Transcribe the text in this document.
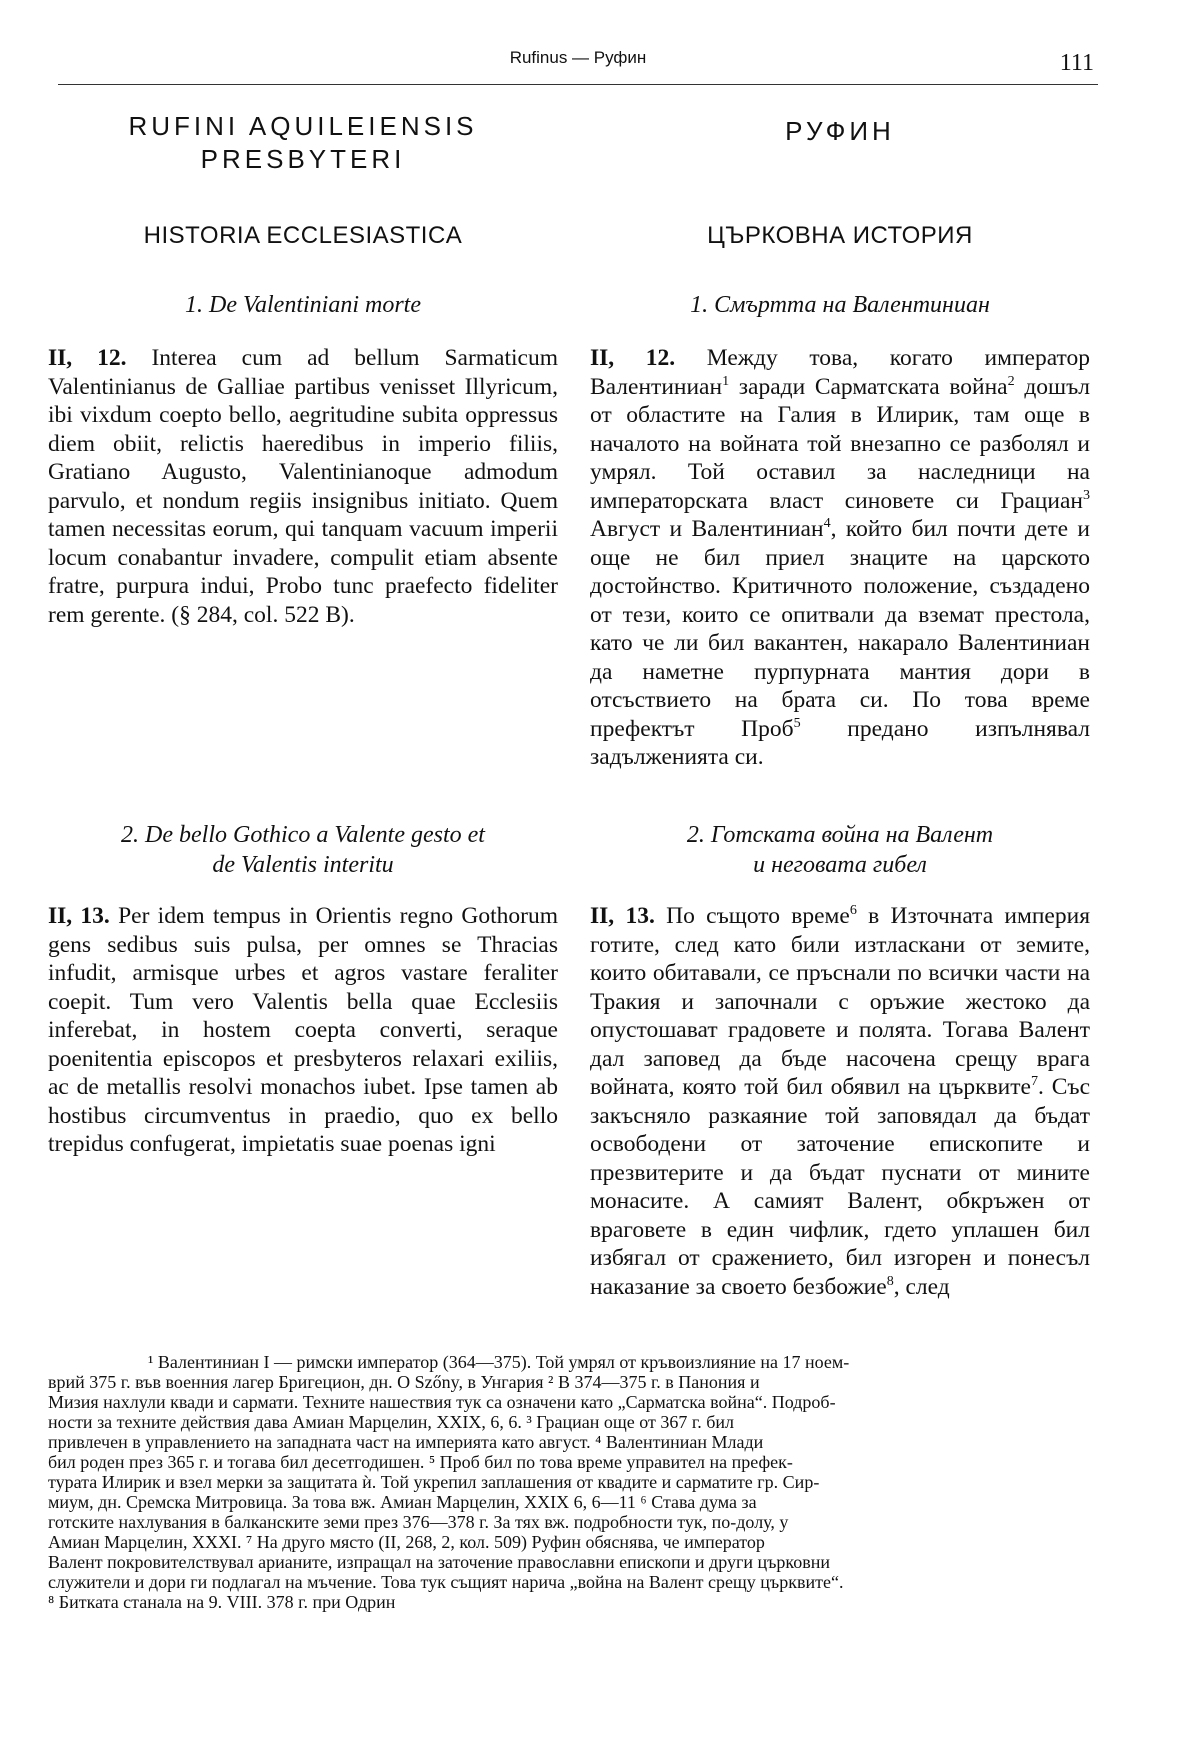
Rufinus — Руфин	111
RUFINI AQUILEIENSIS
PRESBYTERI
HISTORIA ECCLESIASTICA
1. De Valentiniani morte

II, 12. Interea cum ad bellum Sarmaticum Valentinianus de Galliae partibus venisset Illyricum, ibi vixdum coepto bello, aegritudine subita oppressus diem obiit, relictis haeredibus in imperio filiis, Gratiano Augusto, Valentinianoque admodum parvulo, et nondum regiis insignibus initiato. Quem tamen necessitas eorum, qui tanquam vacuum imperii locum conabantur invadere, compulit etiam absente fratre, purpura indui, Probo tunc praefecto fideliter rem gerente. (§ 284, col. 522 B).

2. De bello Gothico a Valente gesto et
de Valentis interitu

II, 13. Per idem tempus in Orientis regno Gothorum gens sedibus suis pulsa, per omnes se Thracias infudit, armisque urbes et agros vastare feraliter coepit. Tum vero Valentis bella quae Ecclesiis inferebat, in hostem coepta converti, seraque poenitentia episcopos et presbyteros relaxari exiliis, ac de metallis resolvi monachos iubet. Ipse tamen ab hostibus circumventus in praedio, quo ex bello trepidus confugerat, impietatis suae poenas igni

РУФИН
ЦЪРКОВНА ИСТОРИЯ
1. Смъртта на Валентиниан

II, 12. Между това, когато император Валентиниан$^1$ заради Сарматската война$^2$ дошъл от областите на Галия в Илирик, там още в началото на войната той внезапно се разболял и умрял. Той оставил за наследници на императорската власт синовете си Грациан$^3$ Август и Валентиниан$^4$, който бил почти дете и още не бил приел знаците на царското достойнство. Критичното положение, създадено от тези, които се опитвали да вземат престола, като че ли бил вакантен, накарало Валентиниан да наметне пурпурната мантия дори в отсъствието на брата си. По това време префектът Проб$^5$ предано изпълнявал задълженията си.

2. Готската война на Валент
и неговата гибел

II, 13. По същото време$^6$ в Източната империя готите, след като били изтласкани от земите, които обитавали, се пръснали по всички части на Тракия и започнали с оръжие жестоко да опустошават градовете и полята. Тогава Валент дал заповед да бъде насочена срещу врага войната, която той бил обявил на църквите$^7$. Със закъсняло разкаяние той заповядал да бъдат освободени от заточение епископите и презвитерите и да бъдат пуснати от мините монасите. А самият Валент, обкръжен от враговете в един чифлик, гдето уплашен бил избягал от сражението, бил изгорен и понесъл наказание за своето безбожие$^8$, след

¹ Валентиниан I — римски император (364—375). Той умрял от кръвоизлияние на 17 ноем-
врий 375 г. във военния лагер Бригецион, дн. О Szőny, в Унгария ² В 374—375 г. в Панония и
Мизия нахлули квади и сармати. Техните нашествия тук са означени като „Сарматска война“. Подроб-
ности за техните действия дава Амиан Марцелин, XXIX, 6, 6. ³ Грациан още от 367 г. бил
привлечен в управлението на западната част на империята като август. ⁴ Валентиниан Млади
бил роден през 365 г. и тогава бил десетгодишен. ⁵ Проб бил по това време управител на префек-
турата Илирик и взел мерки за защитата ѝ. Той укрепил заплашения от квадите и сарматите гр. Сир-
миум, дн. Сремска Митровица. За това вж. Амиан Марцелин, XXIX 6, 6—11 ⁶ Става дума за
готските нахлувания в балканските земи през 376—378 г. За тях вж. подробности тук, по-долу, у
Амиан Марцелин, XXXI. ⁷ На друго място (II, 268, 2, кол. 509) Руфин обяснява, че император
Валент покровителствувал арианите, изпращал на заточение православни епископи и други църковни
служители и дори ги подлагал на мъчение. Това тук същият нарича „война на Валент срещу църквите“.
⁸ Битката станала на 9. VIII. 378 г. при Одрин
